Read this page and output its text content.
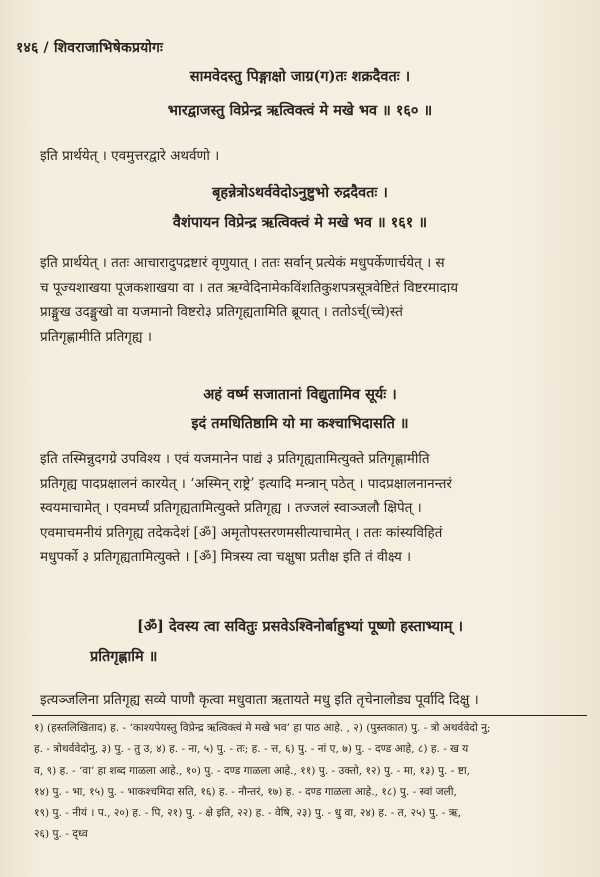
१४६ / शिवराजाभिषेकप्रयोगः
सामवेदस्तु पिङ्गाक्षो जाग्र(ग)तः शक्रदैवतः ।
भारद्वाजस्तु विप्रेन्द्र ऋत्विक्त्वं मे मखे भव ॥ १६० ॥
इति प्रार्थयेत् । एवमुत्तरद्वारे अथर्वणो ।
बृहन्नेत्रोऽथर्ववेदोऽनुष्टुभो रुद्रदैवतः ।
वैशंपायन विप्रेन्द्र ऋत्विक्त्वं मे मखे भव ॥ १६१ ॥
इति प्रार्थयेत् । ततः आचारादुपद्रष्टारं वृणुयात् । ततः सर्वान् प्रत्येकं मधुपर्केणार्चयेत् । स
च पूज्यशाखया पूजकशाखया वा । तत ऋग्वेदिनामेकविंशतिकुशपत्रसूत्रवेष्टितं विष्टरमादाय
प्राङ्मुख उदङ्मुखो वा यजमानो विष्टरो३ प्रतिगृह्यतामिति ब्रूयात् । ततोऽर्च्(च्चे)स्तं
प्रतिगृह्णामीति प्रतिगृह्य ।
अहं वर्ष्म सजातानां विद्युतामिव सूर्यः ।
इदं तमधितिष्ठामि यो मा कश्चाभिदासति ॥
इति तस्मिन्नुदगग्रे उपविश्य । एवं यजमानेन पाद्यं ३ प्रतिगृह्यतामित्युक्ते प्रतिगृह्णामीति
प्रतिगृह्य पादप्रक्षालनं कारयेत् । ‘अस्मिन् राष्ट्रे’ इत्यादि मन्त्रान् पठेत् । पादप्रक्षालनानन्तरं
स्वयमाचामेत् । एवमर्घ्यं प्रतिगृह्यतामित्युक्ते प्रतिगृह्य । तज्जलं स्वाञ्जलौ क्षिपेत् ।
एवमाचमनीयं प्रतिगृह्य तदेकदेशं [ॐ] अमृतोपस्तरणमसीत्याचामेत् । ततः कांस्यविहितं
मधुपर्को ३ प्रतिगृह्यतामित्युक्ते । [ॐ] मित्रस्य त्वा चक्षुषा प्रतीक्ष इति तं वीक्ष्य ।
[ॐ] देवस्य त्वा सवितुः प्रसवेऽश्विनोर्बाहुभ्यां पूष्णो हस्ताभ्याम् ।
प्रतिगृह्णामि ॥
इत्यञ्जलिना प्रतिगृह्य सव्ये पाणौ कृत्वा मधुवाता ऋतायते मधु इति तृचेनालोड्य पूर्वादि दिक्षु ।
१) (हस्तलिखिताद) ह. - ‘काश्यपेयस्तु विप्रेन्द्र ऋत्विक्त्वं मे मखे भव’ हा पाठ आहे. , २) (पुस्तकात) पु. - त्रो अथर्ववेदो नु;
ह. - त्रोथर्ववेदोनु, ३) पु. - तु उ, ४) ह. - ना, ५) पु. - तः; ह. - त्त, ६) पु. - नां ए, ७) पु. - दण्ड आहे, ८) ह. - ख य
व, ९) ह. - ‘वा’ हा शब्द गाळला आहे., १०) पु. - दण्ड गाळला आहे., ११) पु. - उक्तो, १२) पु. - मा, १३) पु. - ष्टा,
१४) पु. - भा, १५) पु. - भाकश्चमिदा सति, १६) ह. - नौन्तरं, १७) ह. - दण्ड गाळला आहे., १८) पु. - स्वां जली,
१९) पु. - नीयं । प., २०) ह. - पि, २१) पु. - क्षे इति, २२) ह. - वेषि, २३) पु. - धु वा, २४) ह. - त, २५) पु. - ऋ,
२६) पु. - द्ध्व
